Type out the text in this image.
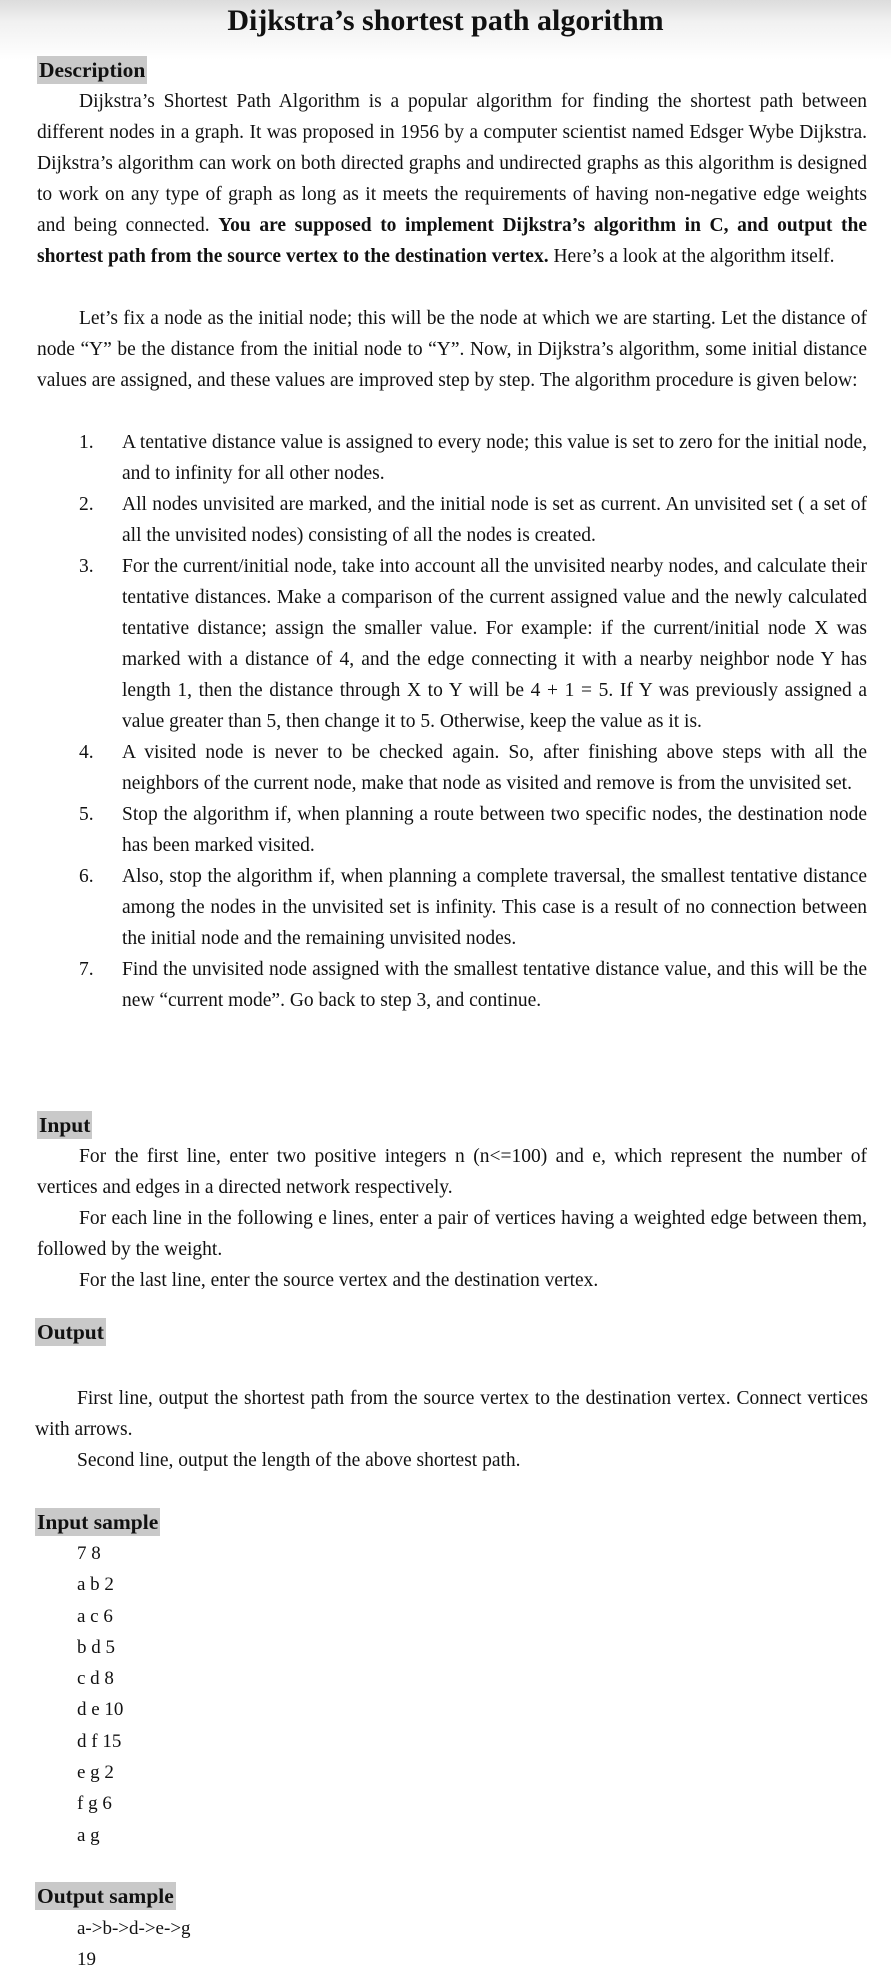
Dijkstra’s shortest path algorithm
Description

Dijkstra’s Shortest Path Algorithm is a popular algorithm for finding the shortest path between different nodes in a graph. It was proposed in 1956 by a computer scientist named Edsger Wybe Dijkstra. Dijkstra’s algorithm can work on both directed graphs and undirected graphs as this algorithm is designed to work on any type of graph as long as it meets the requirements of having non-negative edge weights and being connected. You are supposed to implement Dijkstra’s algorithm in C, and output the shortest path from the source vertex to the destination vertex. Here’s a look at the algorithm itself.

Let’s fix a node as the initial node; this will be the node at which we are starting. Let the distance of node “Y” be the distance from the initial node to “Y”. Now, in Dijkstra’s algorithm, some initial distance values are assigned, and these values are improved step by step. The algorithm procedure is given below:

1. A tentative distance value is assigned to every node; this value is set to zero for the initial node, and to infinity for all other nodes.
2. All nodes unvisited are marked, and the initial node is set as current. An unvisited set ( a set of all the unvisited nodes) consisting of all the nodes is created.
3. For the current/initial node, take into account all the unvisited nearby nodes, and calculate their tentative distances. Make a comparison of the current assigned value and the newly calculated tentative distance; assign the smaller value. For example: if the current/initial node X was marked with a distance of 4, and the edge connecting it with a nearby neighbor node Y has length 1, then the distance through X to Y will be 4 + 1 = 5. If Y was previously assigned a value greater than 5, then change it to 5. Otherwise, keep the value as it is.
4. A visited node is never to be checked again. So, after finishing above steps with all the neighbors of the current node, make that node as visited and remove is from the unvisited set.
5. Stop the algorithm if, when planning a route between two specific nodes, the destination node has been marked visited.
6. Also, stop the algorithm if, when planning a complete traversal, the smallest tentative distance among the nodes in the unvisited set is infinity. This case is a result of no connection between the initial node and the remaining unvisited nodes.
7. Find the unvisited node assigned with the smallest tentative distance value, and this will be the new “current mode”. Go back to step 3, and continue.
Input

For the first line, enter two positive integers n (n<=100) and e, which represent the number of vertices and edges in a directed network respectively.

For each line in the following e lines, enter a pair of vertices having a weighted edge between them, followed by the weight.

For the last line, enter the source vertex and the destination vertex.

Output

First line, output the shortest path from the source vertex to the destination vertex. Connect vertices with arrows.

Second line, output the length of the above shortest path.

Input sample
7 8
a b 2
a c 6
b d 5
c d 8
d e 10
d f 15
e g 2
f g 6
a g
Output sample
a->b->d->e->g
19
